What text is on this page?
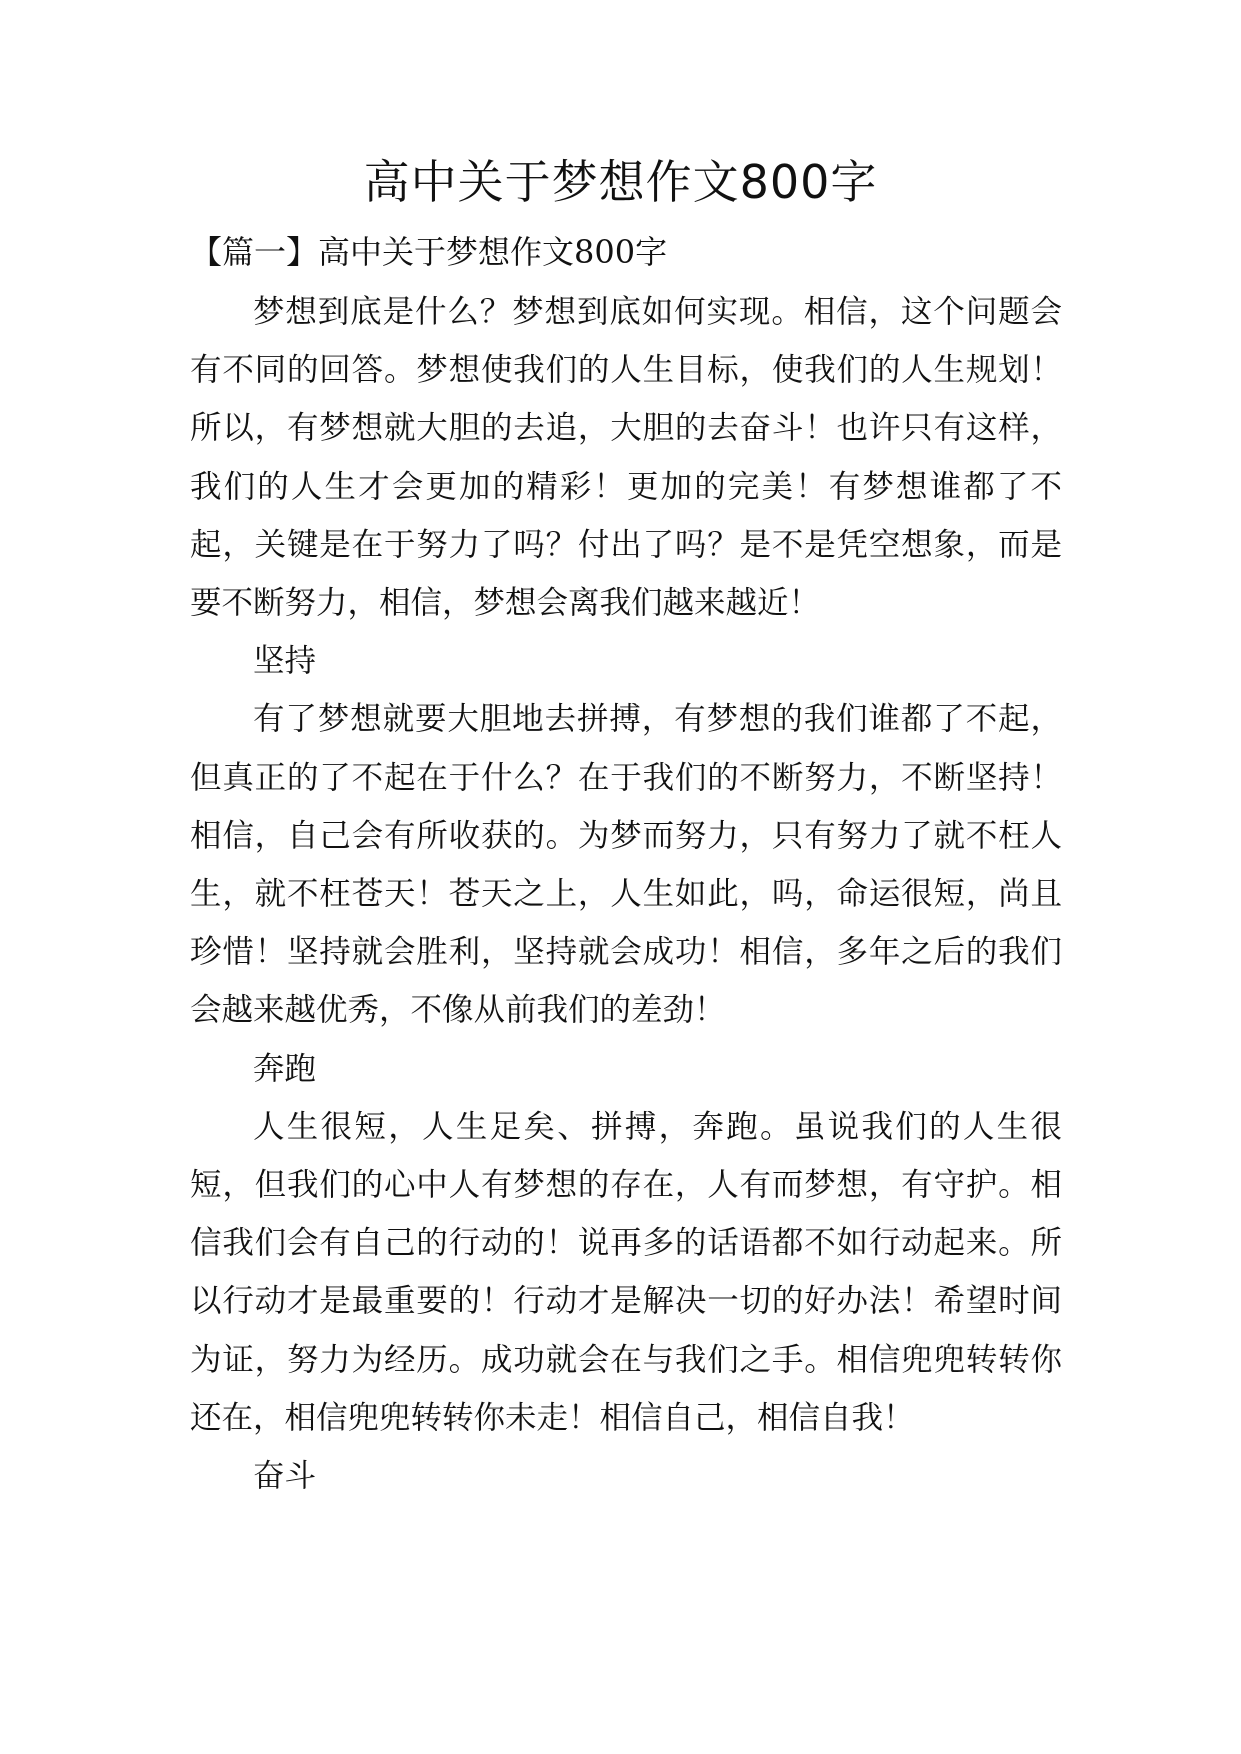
高中关于梦想作文800字
【篇一】高中关于梦想作文800字

梦想到底是什么？梦想到底如何实现。相信，这个问题会有不同的回答。梦想使我们的人生目标，使我们的人生规划！所以，有梦想就大胆的去追，大胆的去奋斗！也许只有这样，我们的人生才会更加的精彩！更加的完美！有梦想谁都了不起，关键是在于努力了吗？付出了吗？是不是凭空想象，而是要不断努力，相信，梦想会离我们越来越近！

坚持

有了梦想就要大胆地去拼搏，有梦想的我们谁都了不起，但真正的了不起在于什么？在于我们的不断努力，不断坚持！相信，自己会有所收获的。为梦而努力，只有努力了就不枉人生，就不枉苍天！苍天之上，人生如此，吗，命运很短，尚且珍惜！坚持就会胜利，坚持就会成功！相信，多年之后的我们会越来越优秀，不像从前我们的差劲！

奔跑

人生很短，人生足矣、拼搏，奔跑。虽说我们的人生很短，但我们的心中人有梦想的存在，人有而梦想，有守护。相信我们会有自己的行动的！说再多的话语都不如行动起来。所以行动才是最重要的！行动才是解决一切的好办法！希望时间为证，努力为经历。成功就会在与我们之手。相信兜兜转转你还在，相信兜兜转转你未走！相信自己，相信自我！

奋斗
